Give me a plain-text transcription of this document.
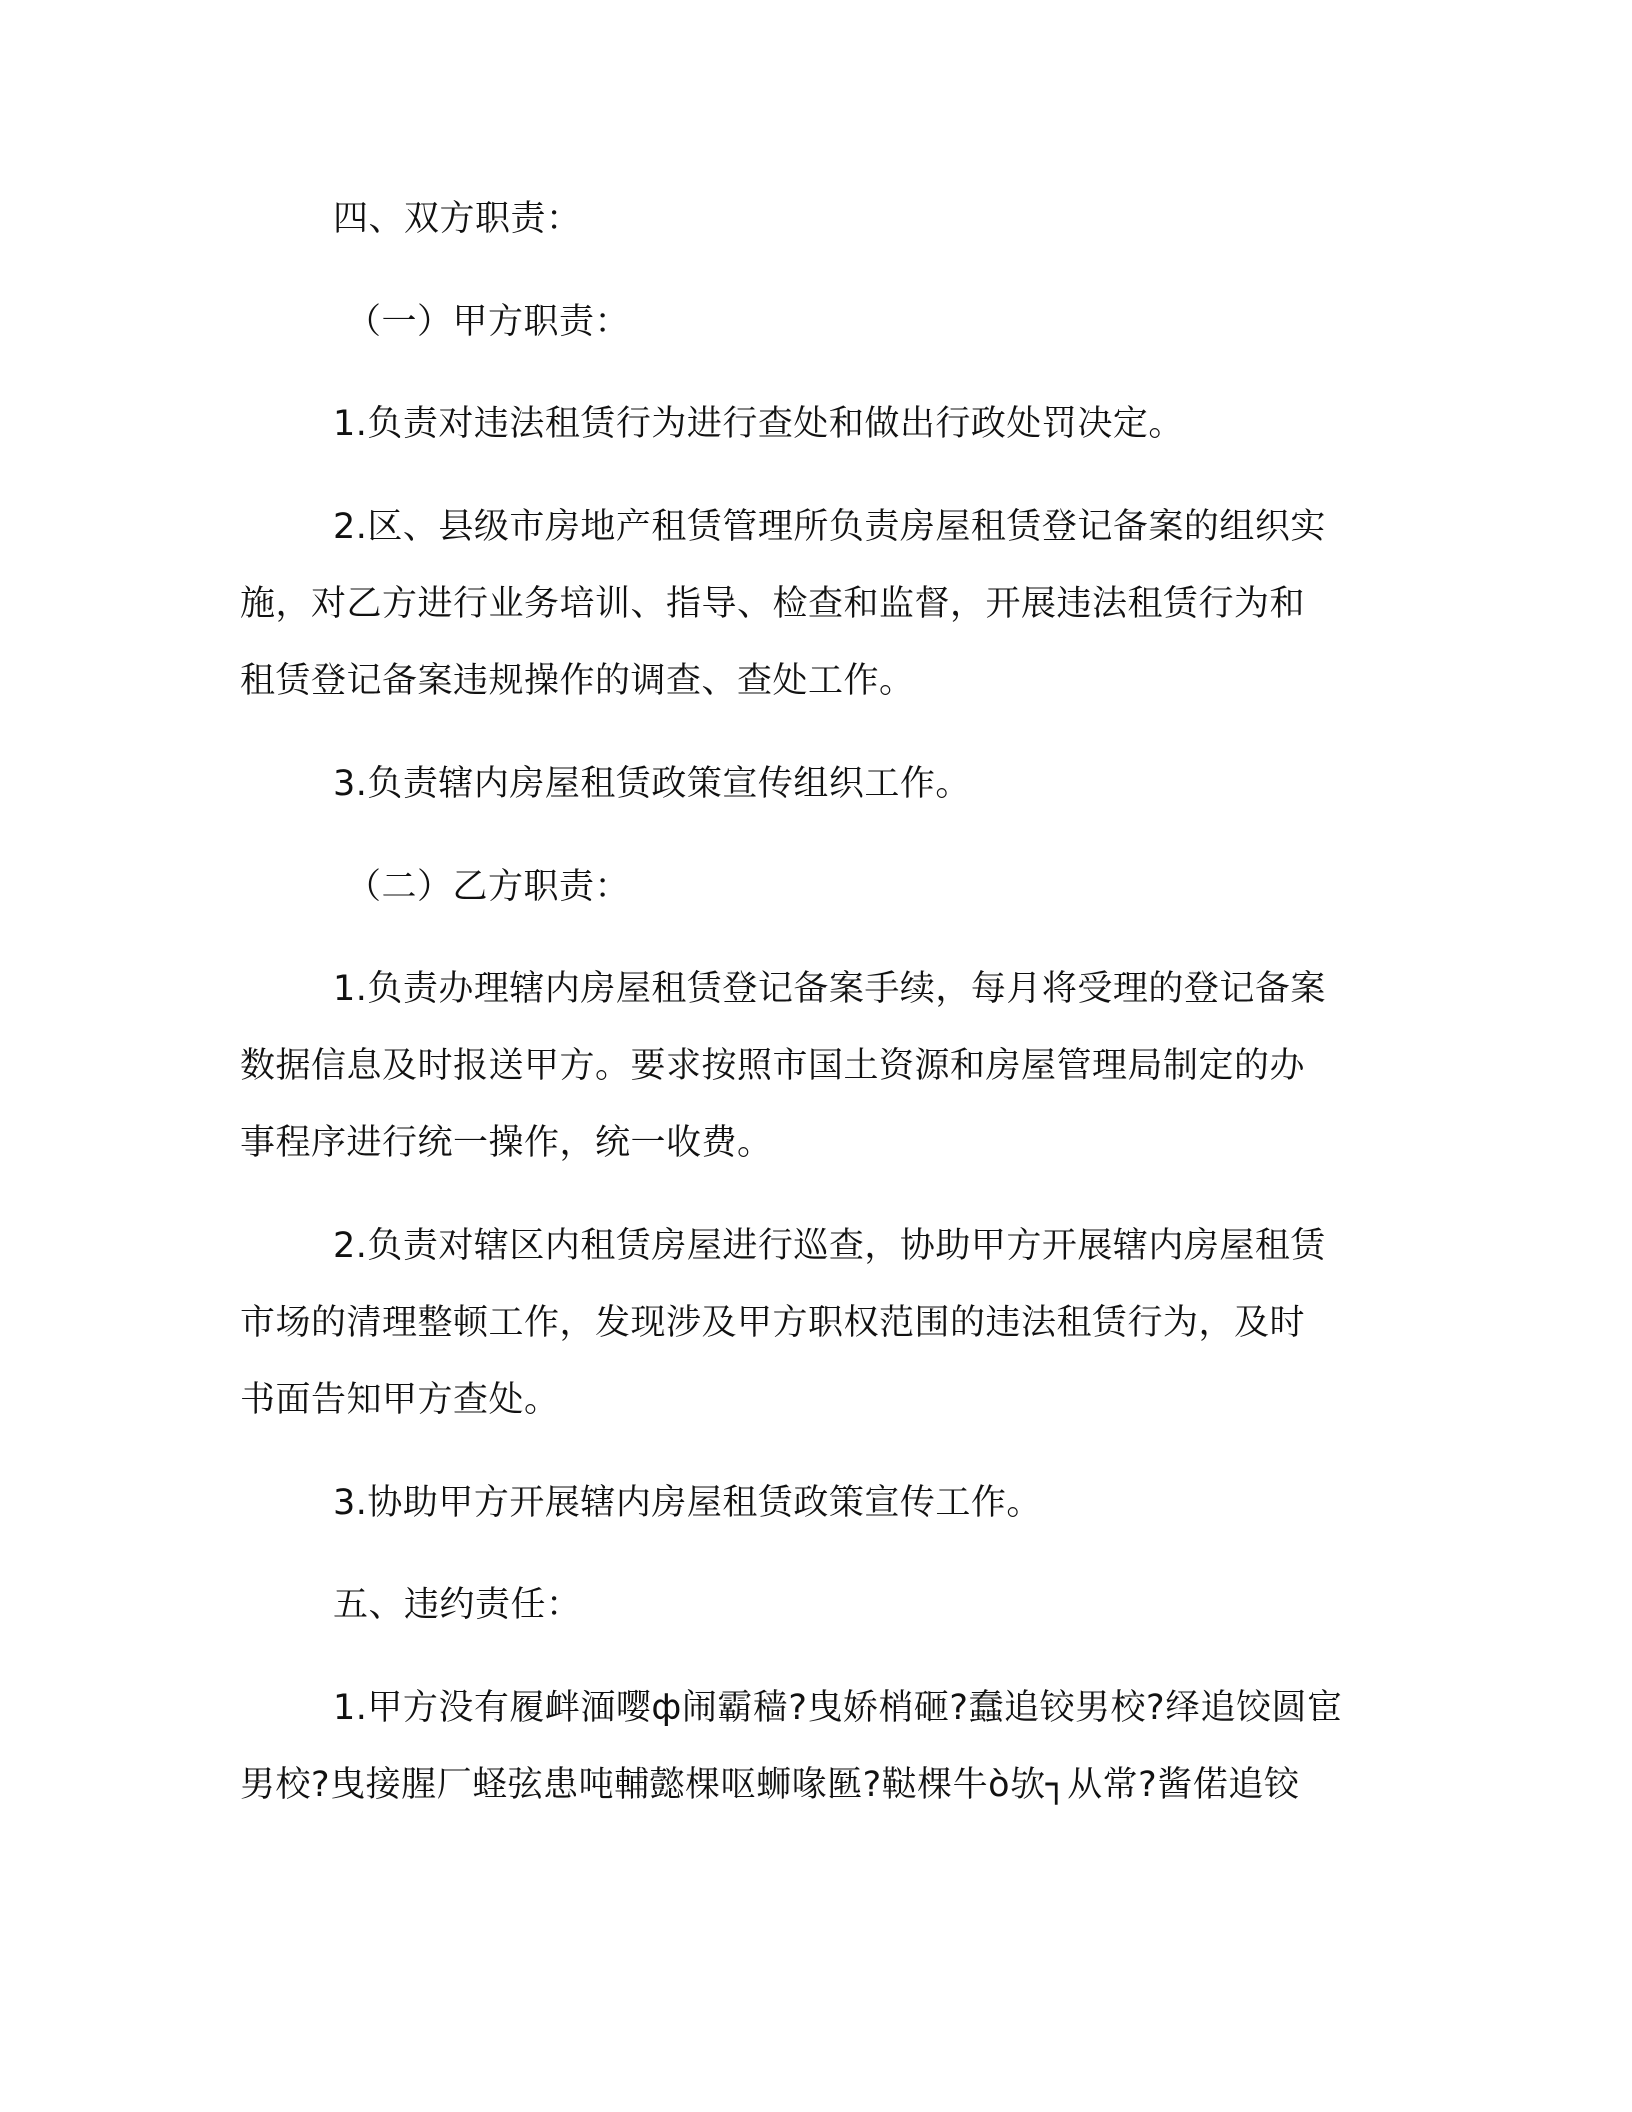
四、双方职责：
（一）甲方职责：
1.负责对违法租赁行为进行查处和做出行政处罚决定。
2.区、县级市房地产租赁管理所负责房屋租赁登记备案的组织实
施，对乙方进行业务培训、指导、检查和监督，开展违法租赁行为和
租赁登记备案违规操作的调查、查处工作。
3.负责辖内房屋租赁政策宣传组织工作。
（二）乙方职责：
1.负责办理辖内房屋租赁登记备案手续，每月将受理的登记备案
数据信息及时报送甲方。要求按照市国土资源和房屋管理局制定的办
事程序进行统一操作，统一收费。
2.负责对辖区内租赁房屋进行巡查，协助甲方开展辖内房屋租赁
市场的清理整顿工作，发现涉及甲方职权范围的违法租赁行为，及时
书面告知甲方查处。
3.协助甲方开展辖内房屋租赁政策宣传工作。
五、违约责任：
1.甲方没有履衅湎嘤ф闹霸穑?曳娇梢砸?蠢追铰男校?绎追饺圆宦
男校?曳接腥厂蛏弦患吨輔懿棵呕蛳喙匦?鞑棵牛ò欤┐从常?酱偌追铰
